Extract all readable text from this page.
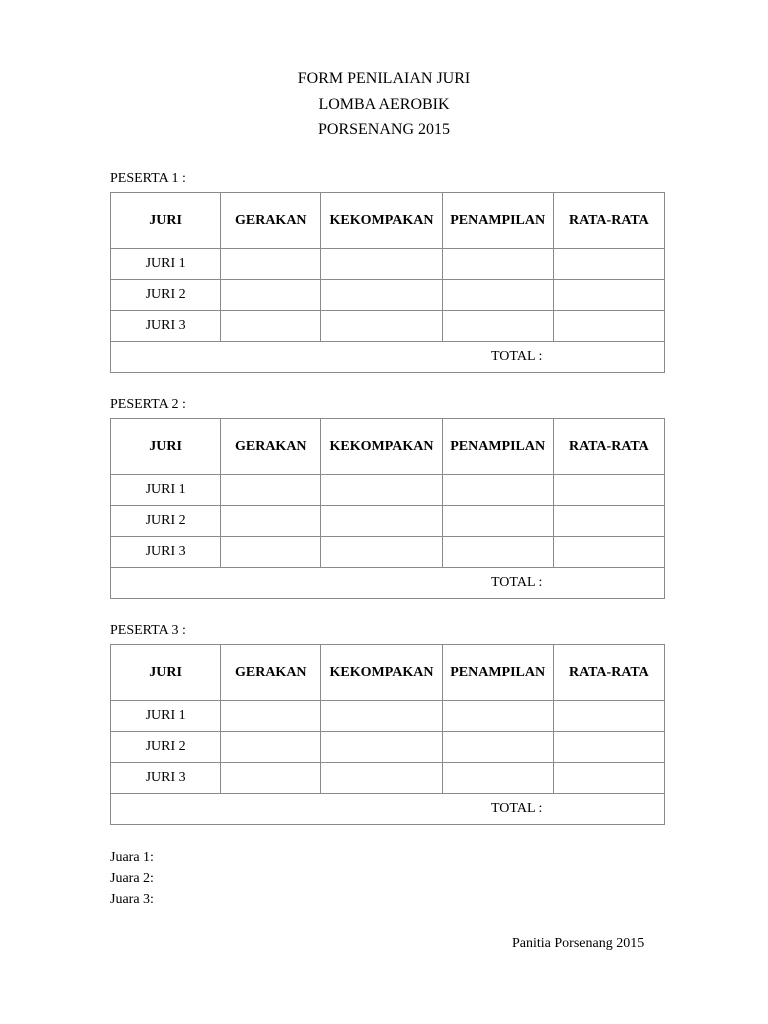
FORM PENILAIAN JURI
LOMBA AEROBIK
PORSENANG 2015
PESERTA 1 :
JURI	GERAKAN	KEKOMPAKAN	PENAMPILAN	RATA-RATA
JURI 1				
JURI 2				
JURI 3				
TOTAL :				
PESERTA 2 :
JURI	GERAKAN	KEKOMPAKAN	PENAMPILAN	RATA-RATA
JURI 1				
JURI 2				
JURI 3				
TOTAL :				
PESERTA 3 :
JURI	GERAKAN	KEKOMPAKAN	PENAMPILAN	RATA-RATA
JURI 1				
JURI 2				
JURI 3				
TOTAL :				
Juara 1:
Juara 2:
Juara 3:
Panitia Porsenang 2015
